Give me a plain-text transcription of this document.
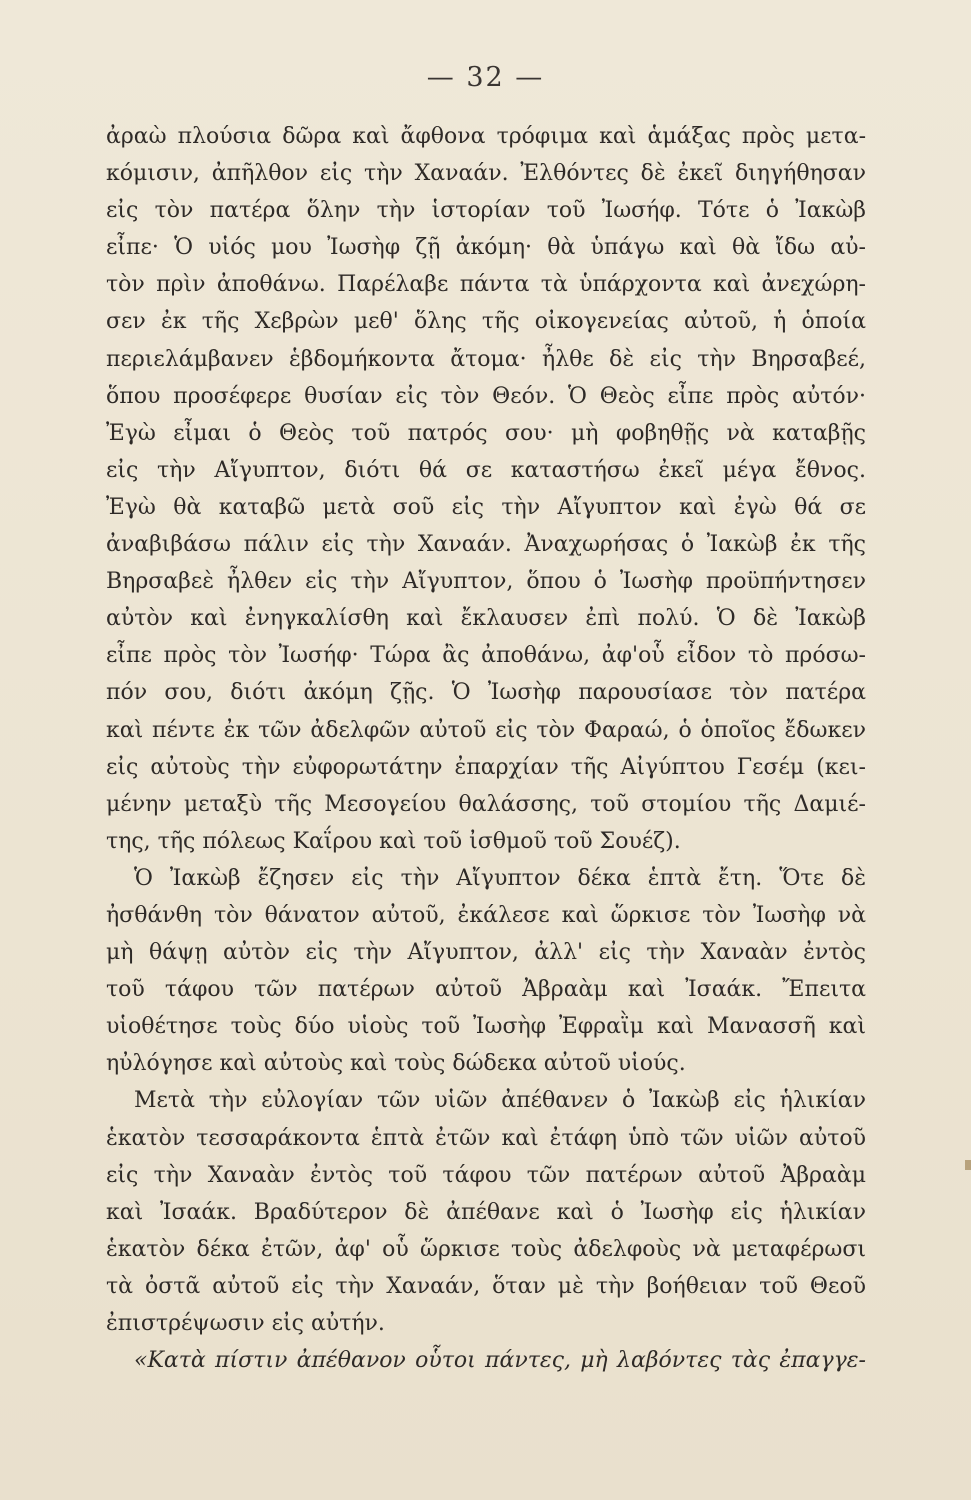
— 32 —
ἀραὼ πλούσια δῶρα καὶ ἄφθονα τρόφιμα καὶ ἁμάξας πρὸς μετα-
κόμισιν, ἀπῆλθον εἰς τὴν Χαναάν. Ἐλθόντες δὲ ἐκεῖ διηγήθησαν
εἰς τὸν πατέρα ὅλην τὴν ἱστορίαν τοῦ Ἰωσήφ. Τότε ὁ Ἰακὼβ
εἶπε· Ὁ υἱός μου Ἰωσὴφ ζῇ ἀκόμη· θὰ ὑπάγω καὶ θὰ ἴδω αὐ-
τὸν πρὶν ἀποθάνω. Παρέλαβε πάντα τὰ ὑπάρχοντα καὶ ἀνεχώρη-
σεν ἐκ τῆς Χεβρὼν μεθ' ὅλης τῆς οἰκογενείας αὐτοῦ, ἡ ὁποία
περιελάμβανεν ἑβδομήκοντα ἄτομα· ἦλθε δὲ εἰς τὴν Βηρσαβεέ,
ὅπου προσέφερε θυσίαν εἰς τὸν Θεόν. Ὁ Θεὸς εἶπε πρὸς αὐτόν·
Ἐγὼ εἶμαι ὁ Θεὸς τοῦ πατρός σου· μὴ φοβηθῇς νὰ καταβῇς
εἰς τὴν Αἴγυπτον, διότι θά σε καταστήσω ἐκεῖ μέγα ἔθνος.
Ἐγὼ θὰ καταβῶ μετὰ σοῦ εἰς τὴν Αἴγυπτον καὶ ἐγὼ θά σε
ἀναβιβάσω πάλιν εἰς τὴν Χαναάν. Ἀναχωρήσας ὁ Ἰακὼβ ἐκ τῆς
Βηρσαβεὲ ἦλθεν εἰς τὴν Αἴγυπτον, ὅπου ὁ Ἰωσὴφ προϋπήντησεν
αὐτὸν καὶ ἐνηγκαλίσθη καὶ ἔκλαυσεν ἐπὶ πολύ. Ὁ δὲ Ἰακὼβ
εἶπε πρὸς τὸν Ἰωσήφ· Τώρα ἂς ἀποθάνω, ἀφ'οὗ εἶδον τὸ πρόσω-
πόν σου, διότι ἀκόμη ζῇς. Ὁ Ἰωσὴφ παρουσίασε τὸν πατέρα
καὶ πέντε ἐκ τῶν ἀδελφῶν αὐτοῦ εἰς τὸν Φαραώ, ὁ ὁποῖος ἔδωκεν
εἰς αὐτοὺς τὴν εὐφορωτάτην ἐπαρχίαν τῆς Αἰγύπτου Γεσέμ (κει-
μένην μεταξὺ τῆς Μεσογείου θαλάσσης, τοῦ στομίου τῆς Δαμιέ-
της, τῆς πόλεως Καΐρου καὶ τοῦ ἰσθμοῦ τοῦ Σουέζ).
Ὁ Ἰακὼβ ἔζησεν εἰς τὴν Αἴγυπτον δέκα ἑπτὰ ἔτη. Ὅτε δὲ
ἠσθάνθη τὸν θάνατον αὐτοῦ, ἐκάλεσε καὶ ὥρκισε τὸν Ἰωσὴφ νὰ
μὴ θάψῃ αὐτὸν εἰς τὴν Αἴγυπτον, ἀλλ' εἰς τὴν Χαναὰν ἐντὸς
τοῦ τάφου τῶν πατέρων αὐτοῦ Ἀβραὰμ καὶ Ἰσαάκ. Ἔπειτα
υἱοθέτησε τοὺς δύο υἱοὺς τοῦ Ἰωσὴφ Ἐφραῒμ καὶ Μανασσῆ καὶ
ηὐλόγησε καὶ αὐτοὺς καὶ τοὺς δώδεκα αὐτοῦ υἱούς.
Μετὰ τὴν εὐλογίαν τῶν υἱῶν ἀπέθανεν ὁ Ἰακὼβ εἰς ἡλικίαν
ἑκατὸν τεσσαράκοντα ἑπτὰ ἐτῶν καὶ ἐτάφη ὑπὸ τῶν υἱῶν αὐτοῦ
εἰς τὴν Χαναὰν ἐντὸς τοῦ τάφου τῶν πατέρων αὐτοῦ Ἀβραὰμ
καὶ Ἰσαάκ. Βραδύτερον δὲ ἀπέθανε καὶ ὁ Ἰωσὴφ εἰς ἡλικίαν
ἑκατὸν δέκα ἐτῶν, ἀφ' οὗ ὥρκισε τοὺς ἀδελφοὺς νὰ μεταφέρωσι
τὰ ὀστᾶ αὐτοῦ εἰς τὴν Χαναάν, ὅταν μὲ τὴν βοήθειαν τοῦ Θεοῦ
ἐπιστρέψωσιν εἰς αὐτήν.
«Κατὰ πίστιν ἀπέθανον οὗτοι πάντες, μὴ λαβόντες τὰς ἐπαγγε-
